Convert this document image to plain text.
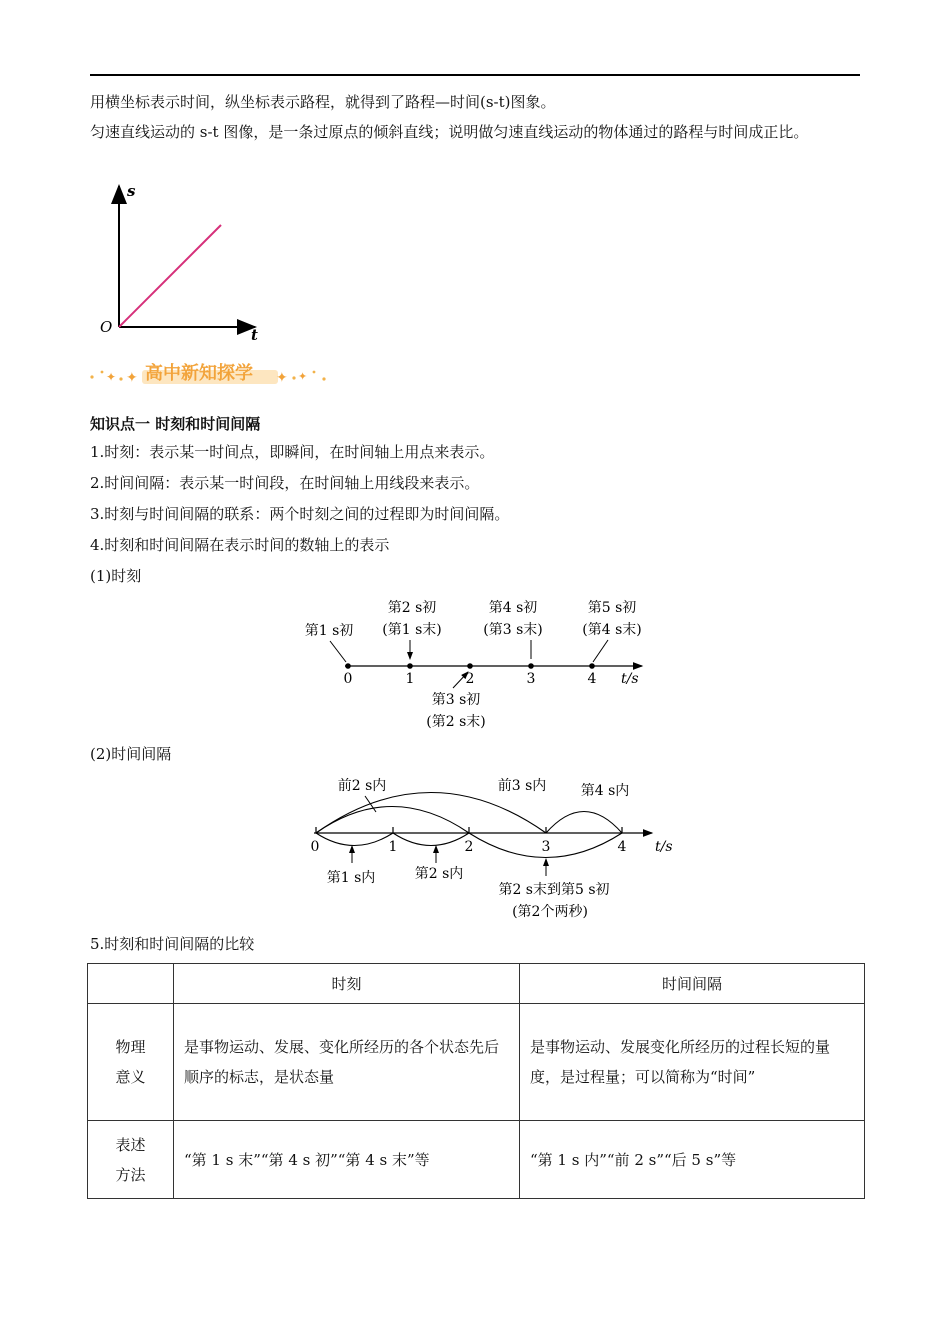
用横坐标表示时间，纵坐标表示路程，就得到了路程—时间(s-t)图象。

匀速直线运动的 s-t 图像，是一条过原点的倾斜直线；说明做匀速直线运动的物体通过的路程与时间成正比。

s
t
O
✦ ✦ 高中新知探学 ✦ ✦

知识点一 时刻和时间间隔

1.时刻：表示某一时间点，即瞬间，在时间轴上用点来表示。

2.时间间隔：表示某一时间段，在时间轴上用线段来表示。

3.时刻与时间间隔的联系：两个时刻之间的过程即为时间间隔。

4.时刻和时间间隔在表示时间的数轴上的表示

(1)时刻

0	1	2	3	4 t/s
第1 s初
第2 s初
(第1 s末)
第4 s初
(第3 s末)
第5 s初
(第4 s末)
第3 s初
(第2 s末)

(2)时间间隔

0	1	2	3	4 t/s
前2 s内	前3 s内 第4 s内
第1 s内	第2 s内
第2 s末到第5 s初
(第2个两秒)

5.时刻和时间间隔的比较

	时刻	时间间隔
物理
意义	是事物运动、发展、变化所经历的各个状态先后顺序的标志，是状态量	是事物运动、发展变化所经历的过程长短的量度，是过程量；可以简称为“时间”
表述
方法	“第 1 s 末”“第 4 s 初”“第 4 s 末”等	“第 1 s 内”“前 2 s”“后 5 s”等
